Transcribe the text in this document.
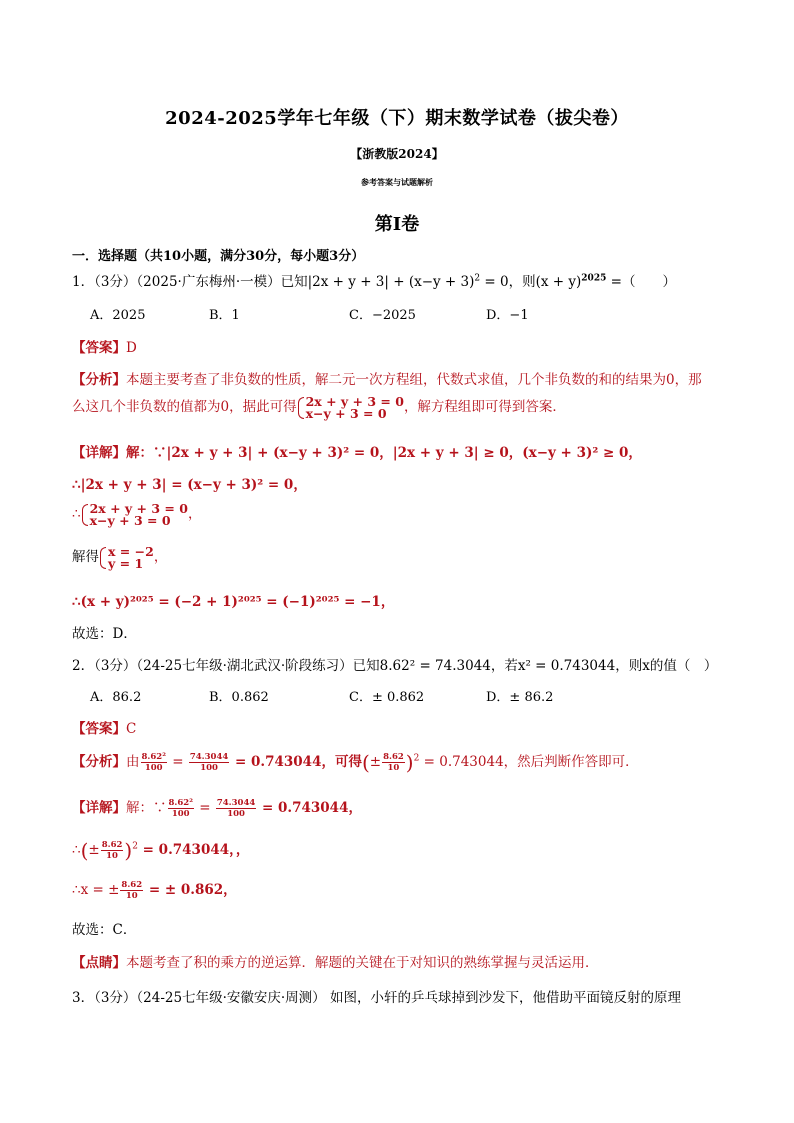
2024-2025学年七年级（下）期末数学试卷（拔尖卷）
【浙教版2024】
参考答案与试题解析
第Ⅰ卷
一．选择题（共10小题，满分30分，每小题3分）
1．（3分）（2025·广东梅州·一模）已知$|2x + y + 3| + (x-y + 3)^2 = 0$，则$(x + y)^{2025}$ =（　　）
A．2025	B．1	C．−2025	D．−1
【答案】D
【分析】本题主要考查了非负数的性质，解二元一次方程组，代数式求值，几个非负数的和的结果为0，那
么这几个非负数的值都为0，据此可得 2x + y + 3 = 0
x−y + 3 = 0	，解方程组即可得到答案．
【详解】解：∵|2x + y + 3| + (x−y + 3)² = 0，|2x + y + 3| ≥ 0，(x−y + 3)² ≥ 0，
∴|2x + y + 3| = (x−y + 3)² = 0，
∴ 2x + y + 3 = 0
x−y + 3 = 0	，
解得 x = −2
y = 1 ，
∴(x + y)²⁰²⁵ = (−2 + 1)²⁰²⁵ = (−1)²⁰²⁵ = −1，
故选：D．
2．（3分）（24-25七年级·湖北武汉·阶段练习）已知8.62² = 74.3044，若x² = 0.743044，则x的值（　）
A．86.2	B．0.862	C．± 0.862	D．± 86.2
【答案】C
【分析】由 $\frac{\text{8.62²}}{100} = \frac{74.3044}{100} = 0.743044$，可得(± $\frac{8.62}{10} )^2 = 0.743044$，然后判断作答即可．
【详解】解：∵ $\frac{\text{8.62²}}{100} = \frac{74.3044}{100} = 0.743044$，
∴(± $\frac{8.62}{10} )^2 = 0.743044$，，
∴x = ± $\frac{8.62}{10}$ = ± 0.862，
故选：C．
【点睛】本题考查了积的乘方的逆运算．解题的关键在于对知识的熟练掌握与灵活运用．
3．（3分）（24-25七年级·安徽安庆·周测） 如图，小轩的乒乓球掉到沙发下，他借助平面镜反射的原理
